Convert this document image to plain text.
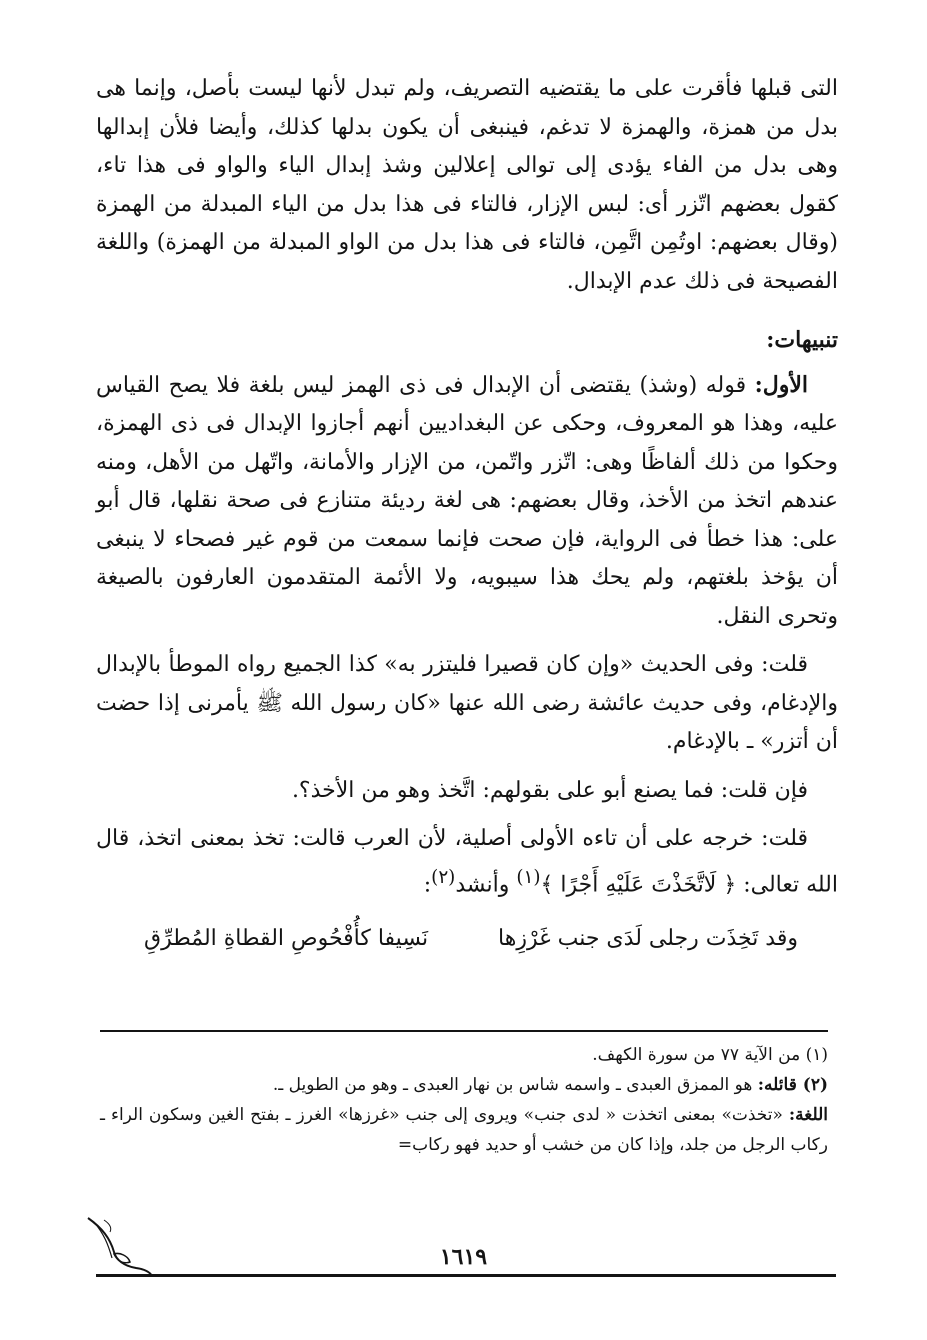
التى قبلها فأقرت على ما يقتضيه التصريف، ولم تبدل لأنها ليست بأصل، وإنما هى بدل من همزة، والهمزة لا تدغم، فينبغى أن يكون بدلها كذلك، وأيضا فلأن إبدالها وهى بدل من الفاء يؤدى إلى توالى إعلالين وشذ إبدال الياء والواو فى هذا تاء، كقول بعضهم اتّزر أى: لبس الإزار، فالتاء فى هذا بدل من الياء المبدلة من الهمزة (وقال بعضهم: اوتُمِن اتَّمِن، فالتاء فى هذا بدل من الواو المبدلة من الهمزة) واللغة الفصيحة فى ذلك عدم الإبدال.

تنبيهات:

الأول: قوله (وشذ) يقتضى أن الإبدال فى ذى الهمز ليس بلغة فلا يصح القياس عليه، وهذا هو المعروف، وحكى عن البغداديين أنهم أجازوا الإبدال فى ذى الهمزة، وحكوا من ذلك ألفاظًا وهى: اتّزر واتّمن، من الإزار والأمانة، واتّهل من الأهل، ومنه عندهم اتخذ من الأخذ، وقال بعضهم: هى لغة رديئة متنازع فى صحة نقلها، قال أبو على: هذا خطأ فى الرواية، فإن صحت فإنما سمعت من قوم غير فصحاء لا ينبغى أن يؤخذ بلغتهم، ولم يحك هذا سيبويه، ولا الأئمة المتقدمون العارفون بالصيغة وتحرى النقل.

قلت: وفى الحديث «وإن كان قصيرا فليتزر به» كذا الجميع رواه الموطأ بالإبدال والإدغام، وفى حديث عائشة رضى الله عنها «كان رسول الله ﷺ يأمرنى إذا حضت أن أتزر» ـ بالإدغام.

فإن قلت: فما يصنع أبو على بقولهم: اتَّخذ وهو من الأخذ؟.

قلت: خرجه على أن تاءه الأولى أصلية، لأن العرب قالت: تخذ بمعنى اتخذ، قال الله تعالى: ﴿ لَاتَّخَذْتَ عَلَيْهِ أَجْرًا ﴾$^{(١)}$ وأنشد$^{(٢)}$:

وقد تَخِذَت رجلى لَدَى جنب غَرْزِها
نَسِيفا كأُفْحُوصِ القطاةِ المُطرِّقِ

(١) من الآية ٧٧ من سورة الكهف.

(٢) قائله: هو الممزق العبدى ـ واسمه شاس بن نهار العبدى ـ وهو من الطويل ـ.

اللغة: «تخذت» بمعنى اتخذت « لدى جنب» ويروى إلى جنب «غرزها» الغرز ـ بفتح الغين وسكون الراء ـ ركاب الرجل من جلد، وإذا كان من خشب أو حديد فهو ركاب=

١٦١٩
